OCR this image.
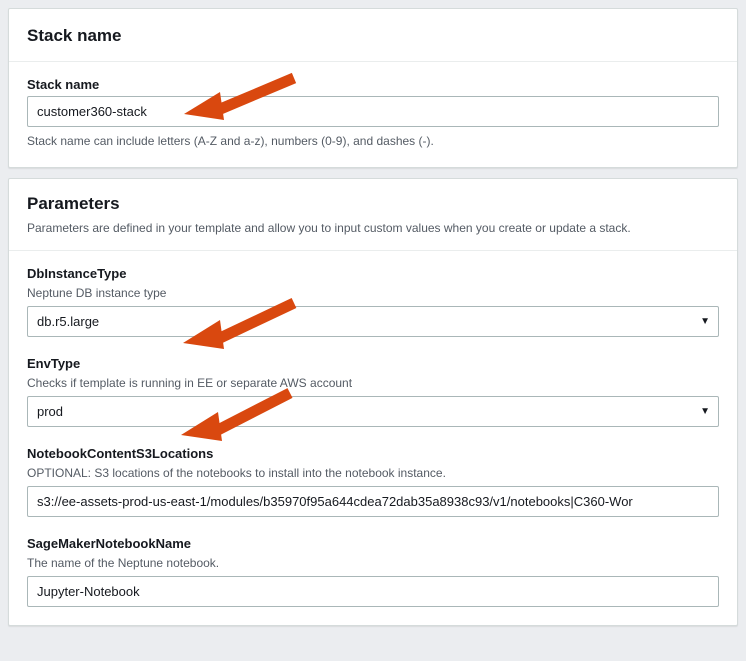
Stack name
Stack name
customer360-stack
Stack name can include letters (A-Z and a-z), numbers (0-9), and dashes (-).
Parameters
Parameters are defined in your template and allow you to input custom values when you create or update a stack.
DbInstanceType
Neptune DB instance type
db.r5.large	▼
EnvType
Checks if template is running in EE or separate AWS account
prod	▼
NotebookContentS3Locations
OPTIONAL: S3 locations of the notebooks to install into the notebook instance.
s3://ee-assets-prod-us-east-1/modules/b35970f95a644cdea72dab35a8938c93/v1/notebooks|C360-Wor
SageMakerNotebookName
The name of the Neptune notebook.
Jupyter-Notebook
